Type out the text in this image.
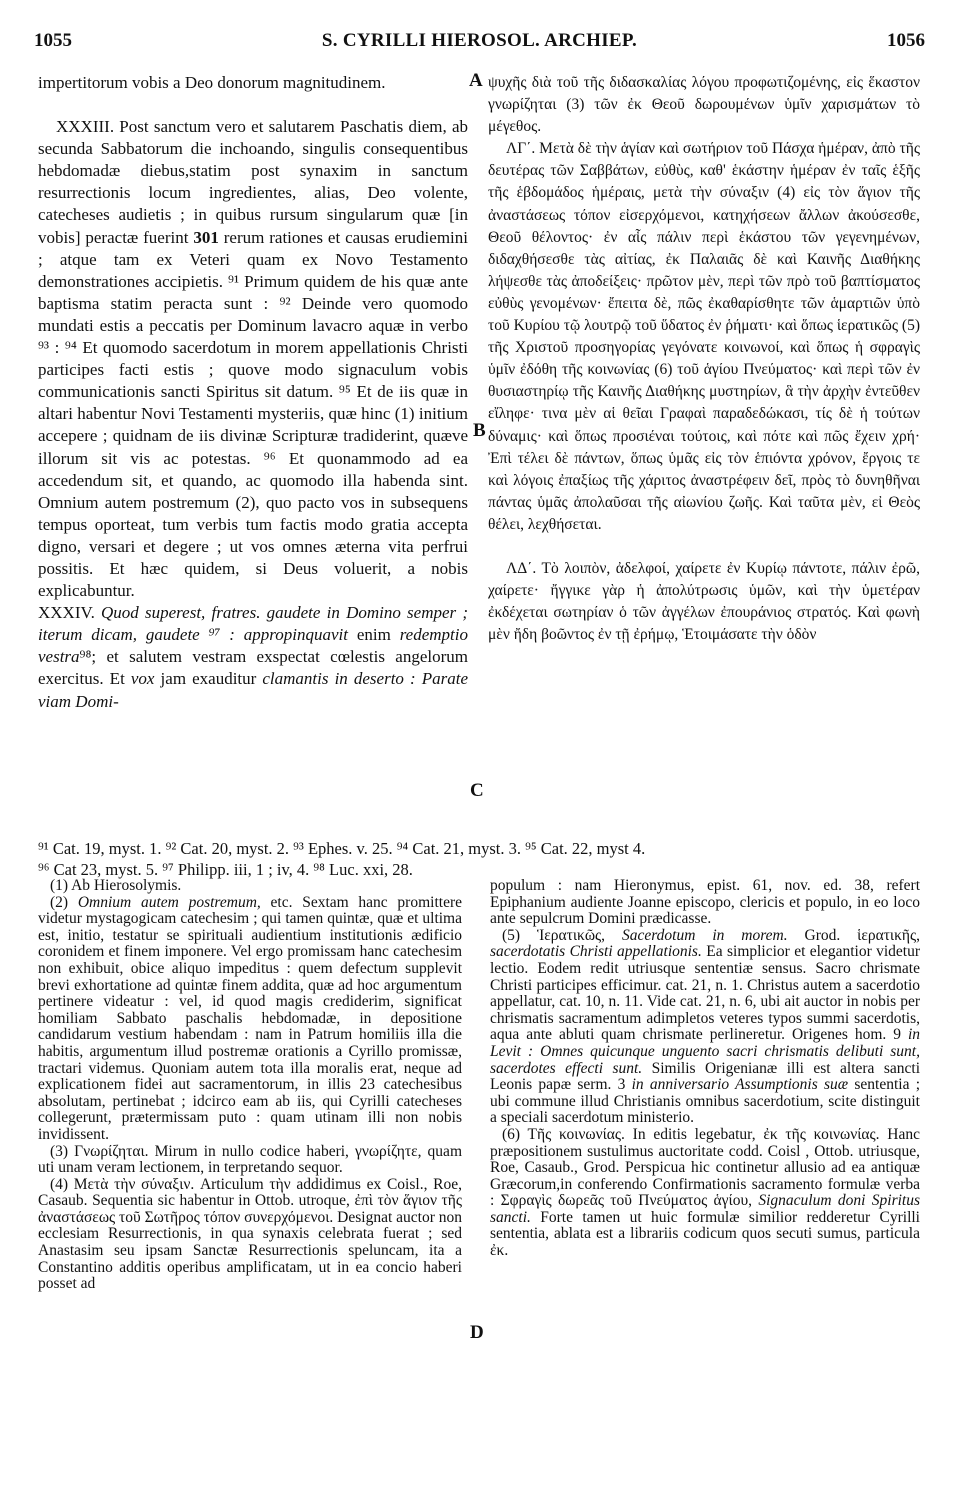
S. CYRILLI HIEROSOL. ARCHIEP.
1055	1056
A
B
C
D

impertitorum vobis a Deo donorum magnitudinem.

XXXIII. Post sanctum vero et salutarem Paschatis diem, ab secunda Sabbatorum die inchoando, singulis consequentibus hebdomadæ diebus,statim post synaxim in sanctum resurrectionis locum ingredientes, alias, Deo volente, catecheses audietis ; in quibus rursum singularum quæ [in vobis] peractæ fuerint 301 rerum rationes et causas erudiemini ; atque tam ex Veteri quam ex Novo Testamento demonstrationes accipietis. ⁹¹ Primum quidem de his quæ ante baptisma statim peracta sunt : ⁹² Deinde vero quomodo mundati estis a peccatis per Dominum lavacro aquæ in verbo ⁹³ : ⁹⁴ Et quomodo sacerdotum in morem appellationis Christi participes facti estis ; quove modo signaculum vobis communicationis sancti Spiritus sit datum. ⁹⁵ Et de iis quæ in altari habentur Novi Testamenti mysteriis, quæ hinc (1) initium accepere ; quidnam de iis divinæ Scripturæ tradiderint, quæve illorum sit vis ac potestas. ⁹⁶ Et quonammodo ad ea accedendum sit, et quando, ac quomodo illa habenda sint. Omnium autem postremum (2), quo pacto vos in subsequens tempus oporteat, tum verbis tum factis modo gratia accepta digno, versari et degere ; ut vos omnes æterna vita perfrui possitis. Et hæc quidem, si Deus voluerit, a nobis explicabuntur.

XXXIV. Quod superest, fratres. gaudete in Domino semper ; iterum dicam, gaudete ⁹⁷ : appropinquavit enim redemptio vestra⁹⁸; et salutem vestram exspectat cœlestis angelorum exercitus. Et vox jam exauditur clamantis in deserto : Parate viam Domi-

ψυχῆς διὰ τοῦ τῆς διδασκαλίας λόγου προφωτιζομένης, εἰς ἕκαστον γνωρίζηται (3) τῶν ἐκ Θεοῦ δωρουμένων ὑμῖν χαρισμάτων τὸ μέγεθος.

ΛΓ΄. Μετὰ δὲ τὴν ἁγίαν καὶ σωτήριον τοῦ Πάσχα ἡμέραν, ἀπὸ τῆς δευτέρας τῶν Σαββάτων, εὐθὺς, καθ' ἑκάστην ἡμέραν ἐν ταῖς ἑξῆς τῆς ἑβδομάδος ἡμέραις, μετὰ τὴν σύναξιν (4) εἰς τὸν ἅγιον τῆς ἀναστάσεως τόπον εἰσερχόμενοι, κατηχήσεων ἄλλων ἀκούσεσθε, Θεοῦ θέλοντος· ἐν αἷς πάλιν περὶ ἑκάστου τῶν γεγενημένων, διδαχθήσεσθε τὰς αἰτίας, ἐκ Παλαιᾶς δὲ καὶ Καινῆς Διαθήκης λήψεσθε τὰς ἀποδείξεις· πρῶτον μὲν, περὶ τῶν πρὸ τοῦ βαπτίσματος εὐθὺς γενομένων· ἔπειτα δὲ, πῶς ἐκαθαρίσθητε τῶν ἁμαρτιῶν ὑπὸ τοῦ Κυρίου τῷ λουτρῷ τοῦ ὕδατος ἐν ῥήματι· καὶ ὅπως ἱερατικῶς (5) τῆς Χριστοῦ προσηγορίας γεγόνατε κοινωνοί, καὶ ὅπως ἡ σφραγὶς ὑμῖν ἐδόθη τῆς κοινωνίας (6) τοῦ ἁγίου Πνεύματος· καὶ περὶ τῶν ἐν θυσιαστηρίῳ τῆς Καινῆς Διαθήκης μυστηρίων, ἃ τὴν ἀρχὴν ἐντεῦθεν εἴληφε· τινα μὲν αἱ θεῖαι Γραφαὶ παραδεδώκασι, τίς δὲ ἡ τούτων δύναμις· καὶ ὅπως προσιέναι τούτοις, καὶ πότε καὶ πῶς ἔχειν χρή· Ἐπὶ τέλει δὲ πάντων, ὅπως ὑμᾶς εἰς τὸν ἑπιόντα χρόνον, ἔργοις τε καὶ λόγοις ἐπαξίως τῆς χάριτος ἀναστρέφειν δεῖ, πρὸς τὸ δυνηθῆναι πάντας ὑμᾶς ἀπολαῦσαι τῆς αἰωνίου ζωῆς. Καὶ ταῦτα μὲν, εἰ Θεὸς θέλει, λεχθήσεται.

ΛΔ΄. Τὸ λοιπὸν, ἀδελφοί, χαίρετε ἐν Κυρίῳ πάντοτε, πάλιν ἐρῶ, χαίρετε· ἤγγικε γὰρ ἡ ἀπολύτρωσις ὑμῶν, καὶ τὴν ὑμετέραν ἐκδέχεται σωτηρίαν ὁ τῶν ἀγγέλων ἐπουράνιος στρατός. Καὶ φωνὴ μὲν ἤδη βοῶντος ἐν τῇ ἐρήμῳ, Ἑτοιμάσατε τὴν ὁδὸν

⁹¹ Cat. 19, myst. 1. ⁹² Cat. 20, myst. 2. ⁹³ Ephes. v. 25. ⁹⁴ Cat. 21, myst. 3. ⁹⁵ Cat. 22, myst 4.

⁹⁶ Cat 23, myst. 5. ⁹⁷ Philipp. iii, 1 ; iv, 4. ⁹⁸ Luc. xxi, 28.

(1) Ab Hierosolymis.

(2) Omnium autem postremum, etc. Sextam hanc promittere videtur mystagogicam catechesim ; qui tamen quintæ, quæ et ultima est, initio, testatur se spirituali audientium institutionis ædificio coronidem et finem imponere. Vel ergo promissam hanc catechesim non exhibuit, obice aliquo impeditus : quem defectum supplevit brevi exhortatione ad quintæ finem addita, quæ ad hoc argumentum pertinere videatur : vel, id quod magis crediderim, significat homiliam Sabbato paschalis hebdomadæ, in depositione candidarum vestium habendam : nam in Patrum homiliis illa die habitis, argumentum illud postremæ orationis a Cyrillo promissæ, tractari videmus. Quoniam autem tota illa moralis erat, neque ad explicationem fidei aut sacramentorum, in illis 23 catechesibus absolutam, pertinebat ; idcirco eam ab iis, qui Cyrilli catecheses collegerunt, prætermissam puto : quam utinam illi non nobis invidissent.

(3) Γνωρίζηται. Mirum in nullo codice haberi, γνωρίζητε, quam uti unam veram lectionem, in terpretando sequor.

(4) Μετὰ τὴν σύναξιν. Articulum τὴν addidimus ex Coisl., Roe, Casaub. Sequentia sic habentur in Ottob. utroque, ἐπὶ τὸν ἅγιον τῆς ἀναστάσεως τοῦ Σωτῆρος τόπον συνερχόμενοι. Designat auctor non ecclesiam Resurrectionis, in qua synaxis celebrata fuerat ; sed Anastasim seu ipsam Sanctæ Resurrectionis speluncam, ita a Constantino additis operibus amplificatam, ut in ea concio haberi posset ad

populum : nam Hieronymus, epist. 61, nov. ed. 38, refert Epiphanium audiente Joanne episcopo, clericis et populo, in eo loco ante sepulcrum Domini prædicasse.

(5) Ἱερατικῶς, Sacerdotum in morem. Grod. ἱερατικῆς, sacerdotatis Christi appellationis. Ea simplicior et elegantior videtur lectio. Eodem redit utriusque sententiæ sensus. Sacro chrismate Christi participes efficimur. cat. 21, n. 1. Christus autem a sacerdotio appellatur, cat. 10, n. 11. Vide cat. 21, n. 6, ubi ait auctor in nobis per chrismatis sacramentum adimpletos veteres typos summi sacerdotis, aqua ante abluti quam chrismate perlineretur. Origenes hom. 9 in Levit : Omnes quicunque unguento sacri chrismatis delibuti sunt, sacerdotes effecti sunt. Similis Origenianæ illi est altera sancti Leonis papæ serm. 3 in anniversario Assumptionis suæ sententia ; ubi commune illud Christianis omnibus sacerdotium, scite distinguit a speciali sacerdotum ministerio.

(6) Τῆς κοινωνίας. In editis legebatur, ἐκ τῆς κοινωνίας. Hanc præpositionem sustulimus auctoritate codd. Coisl , Ottob. utriusque, Roe, Casaub., Grod. Perspicua hic continetur allusio ad ea antiquæ Græcorum,in conferendo Confirmationis sacramento formulæ verba : Σφραγὶς δωρεᾶς τοῦ Πνεύματος ἁγίου, Signaculum doni Spiritus sancti. Forte tamen ut huic formulæ similior redderetur Cyrilli sententia, ablata est a librariis codicum quos secuti sumus, particula ἐκ.
